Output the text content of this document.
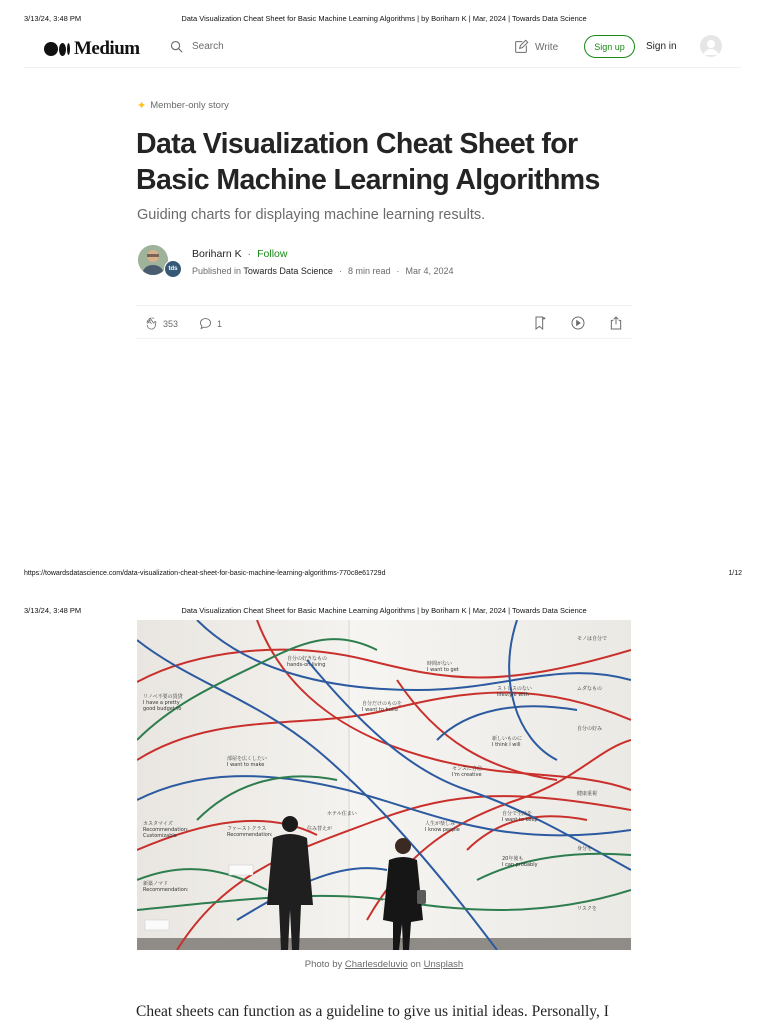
3/13/24, 3:48 PM	Data Visualization Cheat Sheet for Basic Machine Learning Algorithms | by Boriharn K | Mar, 2024 | Towards Data Science
Medium	Search	Write	Sign up	Sign in
✦ Member-only story
Data Visualization Cheat Sheet for Basic Machine Learning Algorithms
Guiding charts for displaying machine learning results.
tds
Boriharn K · Follow
Published in Towards Data Science · 8 min read · Mar 4, 2024
353	1
https://towardsdatascience.com/data-visualization-cheat-sheet-for-basic-machine-learning-algorithms-770c8e61729d	1/12
3/13/24, 3:48 PM	Data Visualization Cheat Sheet for Basic Machine Learning Algorithms | by Boriharn K | Mar, 2024 | Towards Data Science
リノベ不要の賃貸
I have a pretty
good budget to
部屋を広くしたい
I want to make
自分の好きなもの
hands-on living
自分だけのものを
I want to build
時間がない
I want to get
ストレスのない
lifestyle with
新しいものに
I think I will
センスに自信
I'm creative
人生が楽しみ
I know people
自分で生活を
I want to keep
20年後も
I can probably
モノは自分で
ムダなもの
自分の好み
健康重視
身分を
リスクを
カスタマイズ
Recommendation:
Customizable
新築ノマド
Recommendation:
ファーストクラス
Recommendation:
住み替えが
ホテル住まい
Photo by Charlesdeluvio on Unsplash
Cheat sheets can function as a guideline to give us initial ideas. Personally, I
